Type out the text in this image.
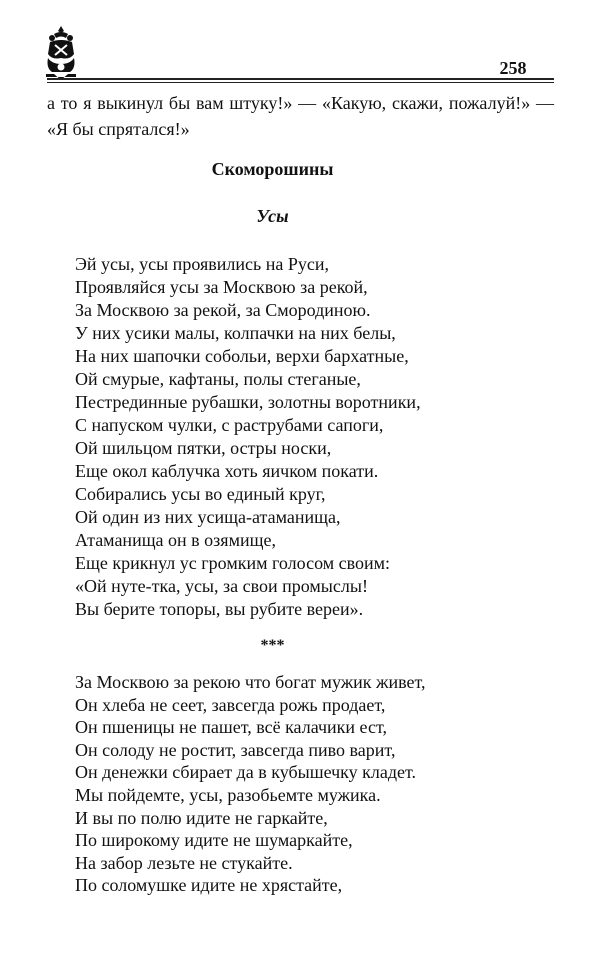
258
а то я выкинул бы вам штуку!» — «Какую, скажи, пожалуй!» —
«Я бы спрятался!»
Скоморошины
Усы
Эй усы, усы проявились на Руси,
Проявляйся усы за Москвою за рекой,
За Москвою за рекой, за Смородиною.
У них усики малы, колпачки на них белы,
На них шапочки собольи, верхи бархатные,
Ой смурые, кафтаны, полы стеганые,
Пестрединные рубашки, золотны воротники,
С напуском чулки, с раструбами сапоги,
Ой шильцом пятки, остры носки,
Еще окол каблучка хоть яичком покати.
Собирались усы во единый круг,
Ой один из них усища-атаманища,
Атаманища он в озямище,
Еще крикнул ус громким голосом своим:
«Ой нуте-тка, усы, за свои промыслы!
Вы берите топоры, вы рубите вереи».
***
За Москвою за рекою что богат мужик живет,
Он хлеба не сеет, завсегда рожь продает,
Он пшеницы не пашет, всё калачики ест,
Он солоду не ростит, завсегда пиво варит,
Он денежки сбирает да в кубышечку кладет.
Мы пойдемте, усы, разобьемте мужика.
И вы по полю идите не гаркайте,
По широкому идите не шумаркайте,
На забор лезьте не стукайте.
По соломушке идите не хрястайте,
